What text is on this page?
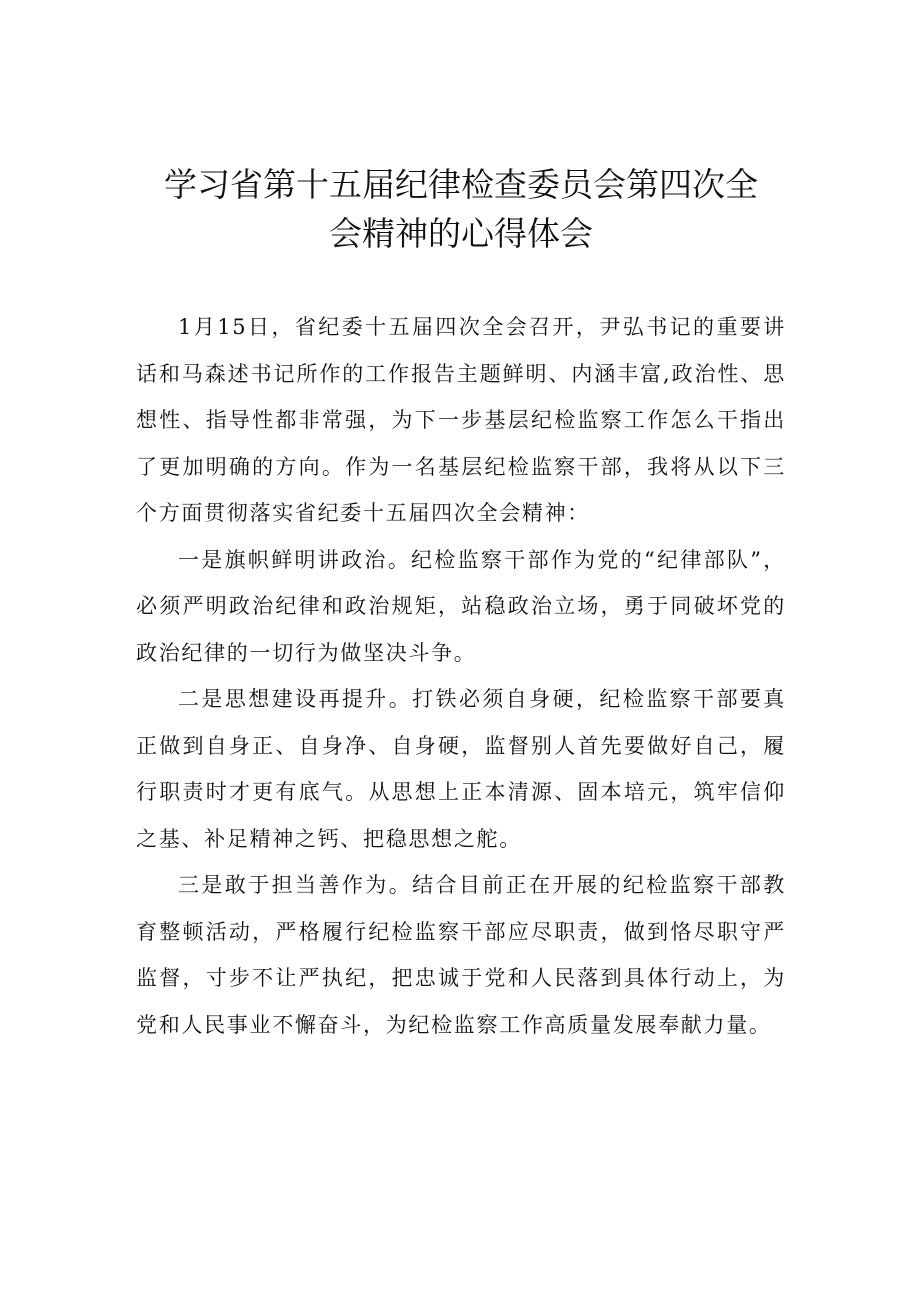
学习省第十五届纪律检查委员会第四次全
会精神的心得体会

1月15日，省纪委十五届四次全会召开，尹弘书记的重要讲话和马森述书记所作的工作报告主题鲜明、内涵丰富,政治性、思想性、指导性都非常强，为下一步基层纪检监察工作怎么干指出了更加明确的方向。作为一名基层纪检监察干部，我将从以下三个方面贯彻落实省纪委十五届四次全会精神：

一是旗帜鲜明讲政治。纪检监察干部作为党的“纪律部队”，必须严明政治纪律和政治规矩，站稳政治立场，勇于同破坏党的政治纪律的一切行为做坚决斗争。

二是思想建设再提升。打铁必须自身硬，纪检监察干部要真正做到自身正、自身净、自身硬，监督别人首先要做好自己，履行职责时才更有底气。从思想上正本清源、固本培元，筑牢信仰之基、补足精神之钙、把稳思想之舵。

三是敢于担当善作为。结合目前正在开展的纪检监察干部教育整顿活动，严格履行纪检监察干部应尽职责，做到恪尽职守严监督，寸步不让严执纪，把忠诚于党和人民落到具体行动上，为党和人民事业不懈奋斗，为纪检监察工作高质量发展奉献力量。
